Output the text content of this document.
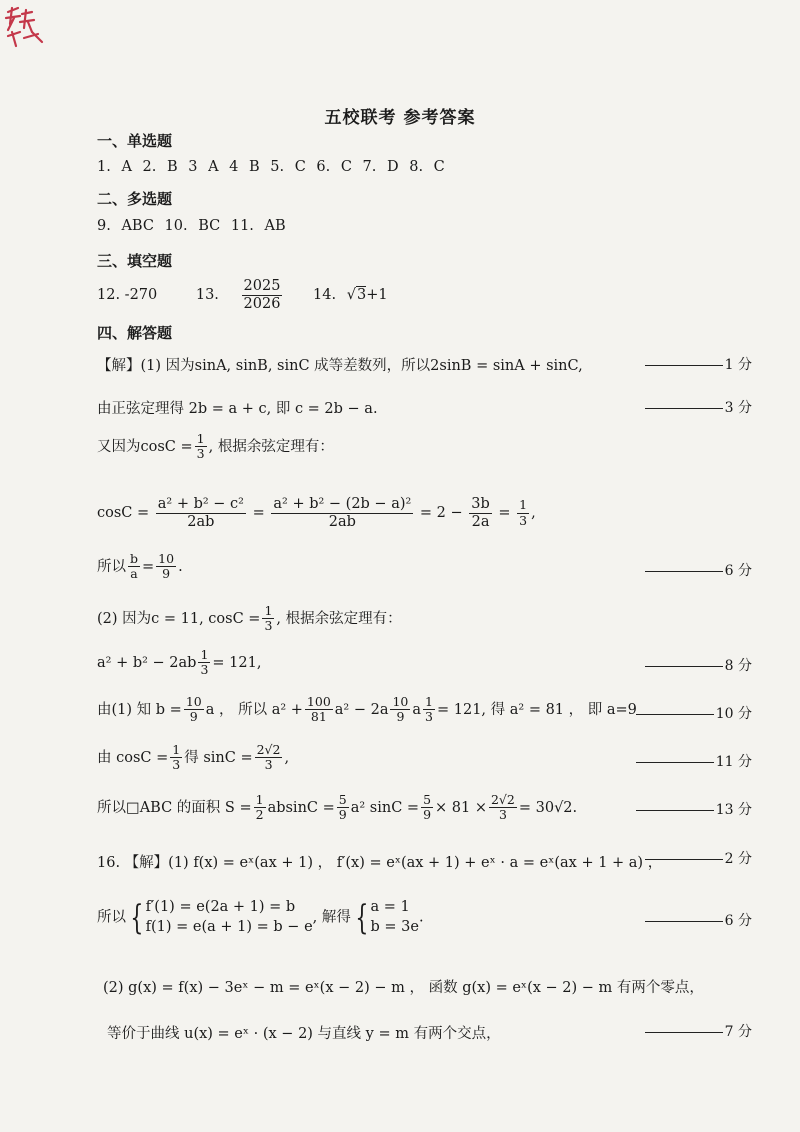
五校联考 参考答案
一、单选题
1. A 2. B 3 A 4 B 5. C 6. C 7. D 8. C
二、多选题
9. ABC 10. BC 11. AB
三、填空题
12. -270	13. $\frac{2025}{2026} 14$. √3+1
四、解答题
【解】(1) 因为sinA, sinB, sinC 成等差数列，所以2sinB = sinA + sinC,	1 分
由正弦定理得 2b = a + c, 即 c = 2b − a.	3 分
又因为$\cos C = \frac{1}{3}$ , 根据余弦定理有：
$\cos C = \frac{\text{a² + b² − c²}}{2ab} = \frac{\text{a² + b² − (2b − a)²}}{2ab} = 2 - \frac{3b}{2a} = \frac{1}{3}$ ,
所以 $\frac{b}{a} = \frac{10}{9}$ .	6 分
(2) 因为c = 11, $\cos C = \frac{1}{3}$ , 根据余弦定理有：
$a^2 + b^2 - 2ab \frac{1}{3} = 121$,	8 分
由(1) 知 $b = \frac{10}{9}$ a ， 所以 $a^2 + \frac{100}{81} a^2 - 2a \frac{10}{9}$ a $\frac{1}{3} = 121$, 得 a² = 81 ， 即 a=9	10 分
由 $\cos C = \frac{1}{3}$ 得 $\sin C = \frac{2√2}{3}$ ,	11 分
所以□ABC 的面积 $S = \frac{1}{2}$ $absinC = \frac{5}{9} a^2$ $\sin C = \frac{5}{9} \times 81 \times \frac{2√2}{3} = 30√2$.	13 分
16. 【解】(1) f(x) = eˣ(ax + 1) ， f′(x) = eˣ(ax + 1) + eˣ · a = eˣ(ax + 1 + a) ，	2 分
所以 { f′(1) = e(2a + 1) = b
f(1) = e(a + 1) = b − e
, 解得 { a = 1
b = 3e
.	6 分
(2) g(x) = f(x) − 3eˣ − m = eˣ(x − 2) − m ， 函数 g(x) = eˣ(x − 2) − m 有两个零点，
等价于曲线 u(x) = eˣ · (x − 2) 与直线 y = m 有两个交点，	7 分
